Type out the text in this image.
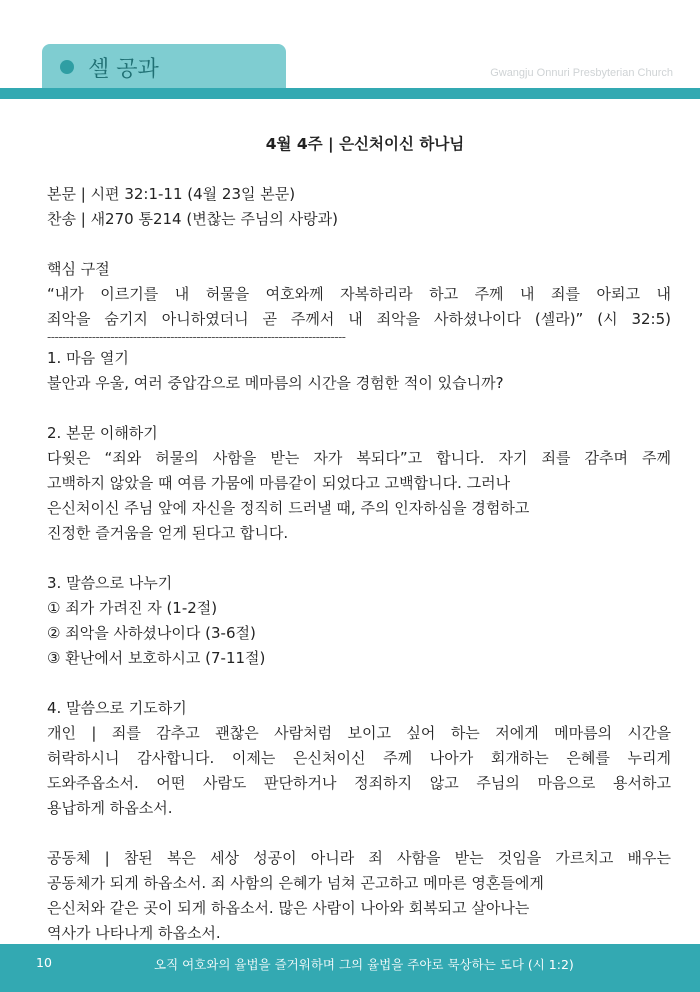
셀 공과	Gwangju Onnuri Presbyterian Church
4월 4주 | 은신처이신 하나님
본문 | 시편 32:1-11 (4월 23일 본문)
찬송 | 새270 통214 (변찮는 주님의 사랑과)
핵심 구절
“내가 이르기를 내 허물을 여호와께 자복하리라 하고 주께 내 죄를 아뢰고 내
죄악을 숨기지 아니하였더니 곧 주께서 내 죄악을 사하셨나이다 (셀라)” (시 32:5)
--------------------------------------------------------------------------------
1. 마음 열기
불안과 우울, 여러 중압감으로 메마름의 시간을 경험한 적이 있습니까?
2. 본문 이해하기
다윗은 “죄와 허물의 사함을 받는 자가 복되다”고 합니다. 자기 죄를 감추며 주께
고백하지 않았을 때 여름 가뭄에 마름같이 되었다고 고백합니다. 그러나
은신처이신 주님 앞에 자신을 정직히 드러낼 때, 주의 인자하심을 경험하고
진정한 즐거움을 얻게 된다고 합니다.
3. 말씀으로 나누기
① 죄가 가려진 자 (1-2절)
② 죄악을 사하셨나이다 (3-6절)
③ 환난에서 보호하시고 (7-11절)
4. 말씀으로 기도하기
개인 | 죄를 감추고 괜찮은 사람처럼 보이고 싶어 하는 저에게 메마름의 시간을
허락하시니 감사합니다. 이제는 은신처이신 주께 나아가 회개하는 은혜를 누리게
도와주옵소서. 어떤 사람도 판단하거나 정죄하지 않고 주님의 마음으로 용서하고
용납하게 하옵소서.
공동체 | 참된 복은 세상 성공이 아니라 죄 사함을 받는 것임을 가르치고 배우는
공동체가 되게 하옵소서. 죄 사함의 은혜가 넘쳐 곤고하고 메마른 영혼들에게
은신처와 같은 곳이 되게 하옵소서. 많은 사람이 나아와 회복되고 살아나는
역사가 나타나게 하옵소서.
10	오직 여호와의 율법을 즐거워하며 그의 율법을 주야로 묵상하는 도다 (시 1:2)
